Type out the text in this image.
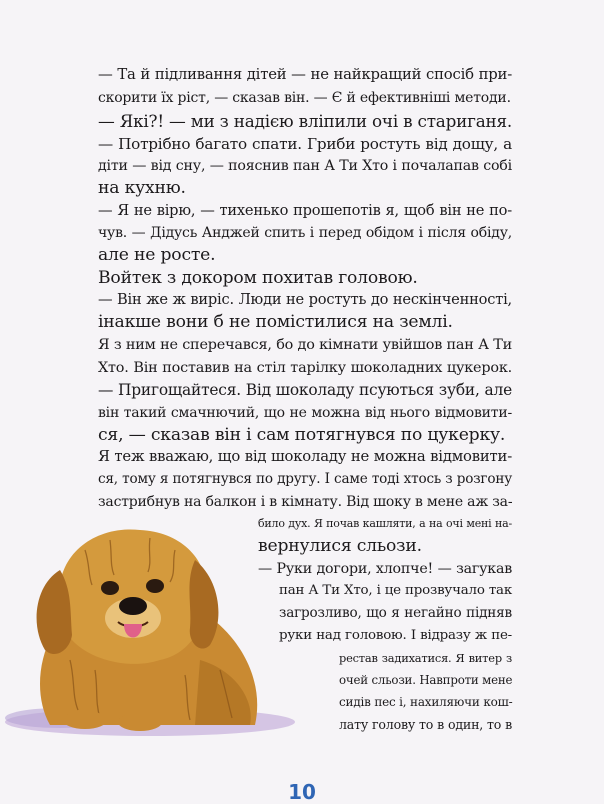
— Та й підливання дітей — не найкращий спосіб при-
скорити їх ріст, — сказав він. — Є й ефективніші методи.
— Які?! — ми з надією вліпили очі в стариганя.
— Потрібно багато спати. Гриби ростуть від дощу, а
діти — від сну, — пояснив пан А Ти Хто і почалапав собі
на кухню.
— Я не вірю, — тихенько прошепотів я, щоб він не по-
чув. — Дідусь Анджей спить і перед обідом і після обіду,
але не росте.
Войтек з докором похитав головою.
— Він же ж виріс. Люди не ростуть до нескінченності,
інакше вони б не помістилися на землі.
Я з ним не сперечався, бо до кімнати увійшов пан А Ти
Хто. Він поставив на стіл тарілку шоколадних цукерок.
— Пригощайтеся. Від шоколаду псуються зуби, але
він такий смачнючий, що не можна від нього відмовити-
ся, — сказав він і сам потягнувся по цукерку.
Я теж вважаю, що від шоколаду не можна відмовити-
ся, тому я потягнувся по другу. І саме тоді хтось з розгону
застрибнув на балкон і в кімнату. Від шоку в мене аж за-
било дух. Я почав кашляти, а на очі мені на-
вернулися сльози.
— Руки догори, хлопче! — загукав
пан А Ти Хто, і це прозвучало так
загрозливо, що я негайно підняв
руки над головою. І відразу ж пе-
рестав задихатися. Я витер з
очей сльози. Навпроти мене
сидів пес і, нахиляючи кош-
лату голову то в один, то в
10
